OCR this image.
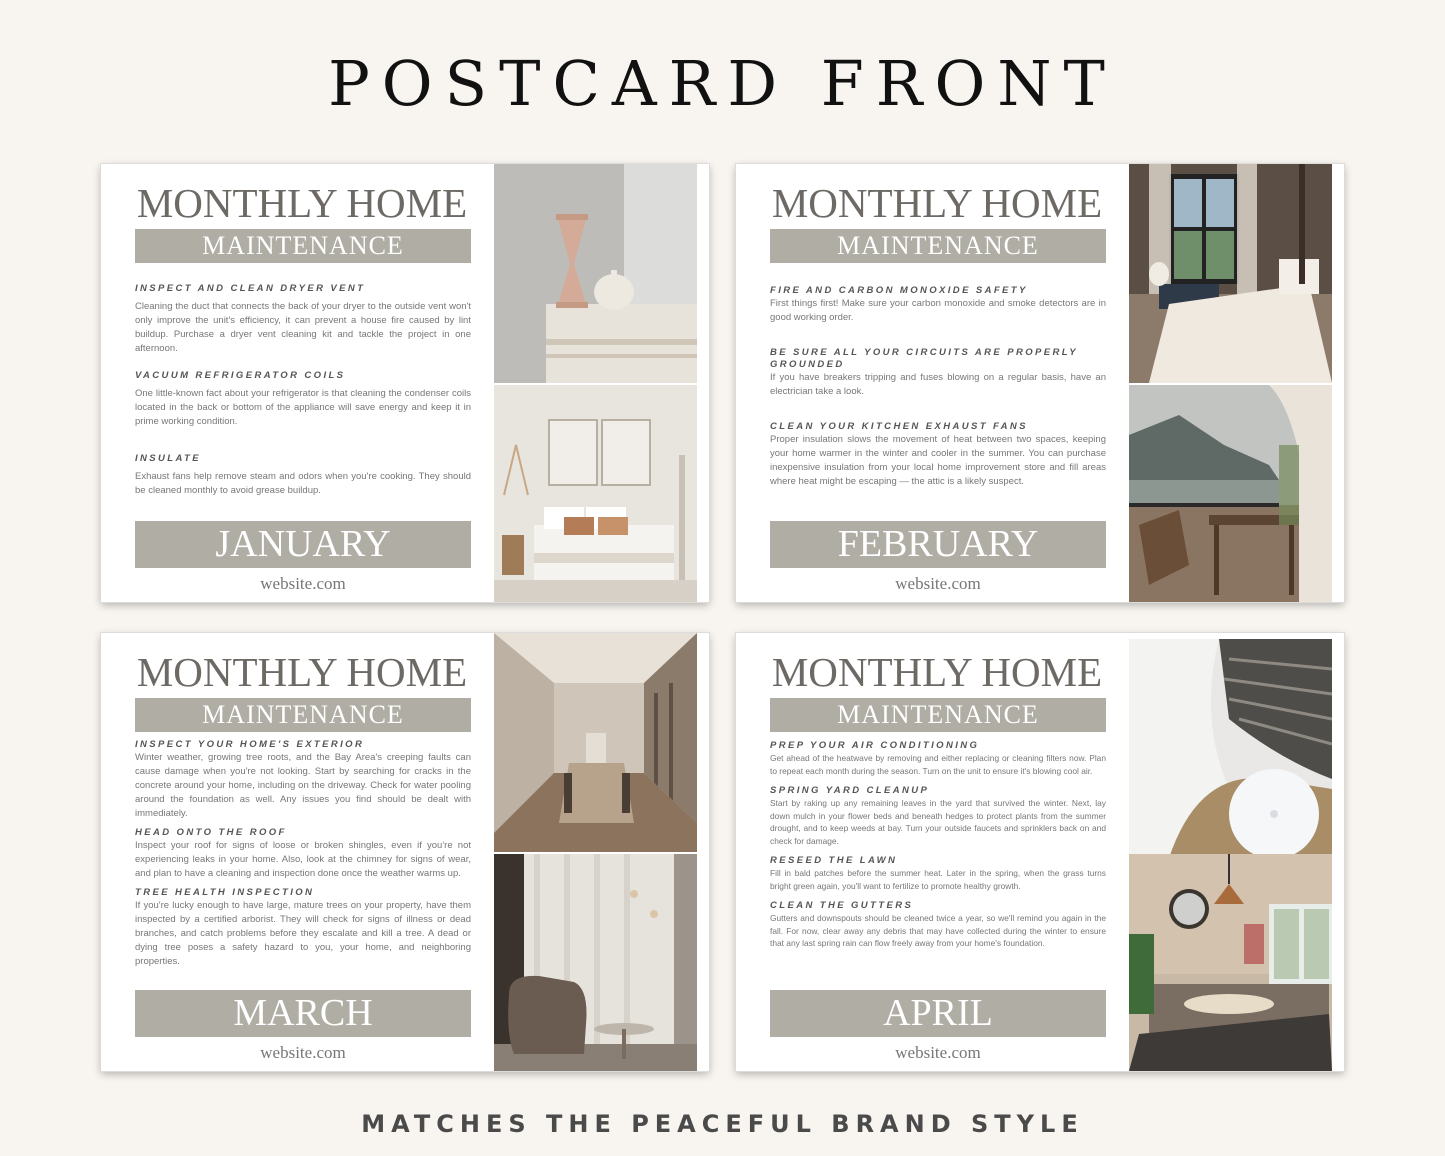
POSTCARD FRONT
MONTHLY HOME
MAINTENANCE

INSPECT AND CLEAN DRYER VENT

Cleaning the duct that connects the back of your dryer to the outside vent won't only improve the unit's efficiency, it can prevent a house fire caused by lint buildup. Purchase a dryer vent cleaning kit and tackle the project in one afternoon.

VACUUM REFRIGERATOR COILS

One little-known fact about your refrigerator is that cleaning the condenser coils located in the back or bottom of the appliance will save energy and keep it in prime working condition.

INSULATE

Exhaust fans help remove steam and odors when you're cooking. They should be cleaned monthly to avoid grease buildup.

JANUARY
website.com
MONTHLY HOME
MAINTENANCE

FIRE AND CARBON MONOXIDE SAFETY

First things first! Make sure your carbon monoxide and smoke detectors are in good working order.

BE SURE ALL YOUR CIRCUITS ARE PROPERLY GROUNDED

If you have breakers tripping and fuses blowing on a regular basis, have an electrician take a look.

CLEAN YOUR KITCHEN EXHAUST FANS

Proper insulation slows the movement of heat between two spaces, keeping your home warmer in the winter and cooler in the summer. You can purchase inexpensive insulation from your local home improvement store and fill areas where heat might be escaping — the attic is a likely suspect.

FEBRUARY
website.com
MONTHLY HOME
MAINTENANCE

INSPECT YOUR HOME'S EXTERIOR

Winter weather, growing tree roots, and the Bay Area's creeping faults can cause damage when you're not looking. Start by searching for cracks in the concrete around your home, including on the driveway. Check for water pooling around the foundation as well. Any issues you find should be dealt with immediately.

HEAD ONTO THE ROOF

Inspect your roof for signs of loose or broken shingles, even if you're not experiencing leaks in your home. Also, look at the chimney for signs of wear, and plan to have a cleaning and inspection done once the weather warms up.

TREE HEALTH INSPECTION

If you're lucky enough to have large, mature trees on your property, have them inspected by a certified arborist. They will check for signs of illness or dead branches, and catch problems before they escalate and kill a tree. A dead or dying tree poses a safety hazard to you, your home, and neighboring properties.

MARCH
website.com
MONTHLY HOME
MAINTENANCE

PREP YOUR AIR CONDITIONING

Get ahead of the heatwave by removing and either replacing or cleaning filters now. Plan to repeat each month during the season. Turn on the unit to ensure it's blowing cool air.

SPRING YARD CLEANUP

Start by raking up any remaining leaves in the yard that survived the winter. Next, lay down mulch in your flower beds and beneath hedges to protect plants from the summer drought, and to keep weeds at bay. Turn your outside faucets and sprinklers back on and check for damage.

RESEED THE LAWN

Fill in bald patches before the summer heat. Later in the spring, when the grass turns bright green again, you'll want to fertilize to promote healthy growth.

CLEAN THE GUTTERS

Gutters and downspouts should be cleaned twice a year, so we'll remind you again in the fall. For now, clear away any debris that may have collected during the winter to ensure that any last spring rain can flow freely away from your home's foundation.

APRIL
website.com
MATCHES THE PEACEFUL BRAND STYLE
